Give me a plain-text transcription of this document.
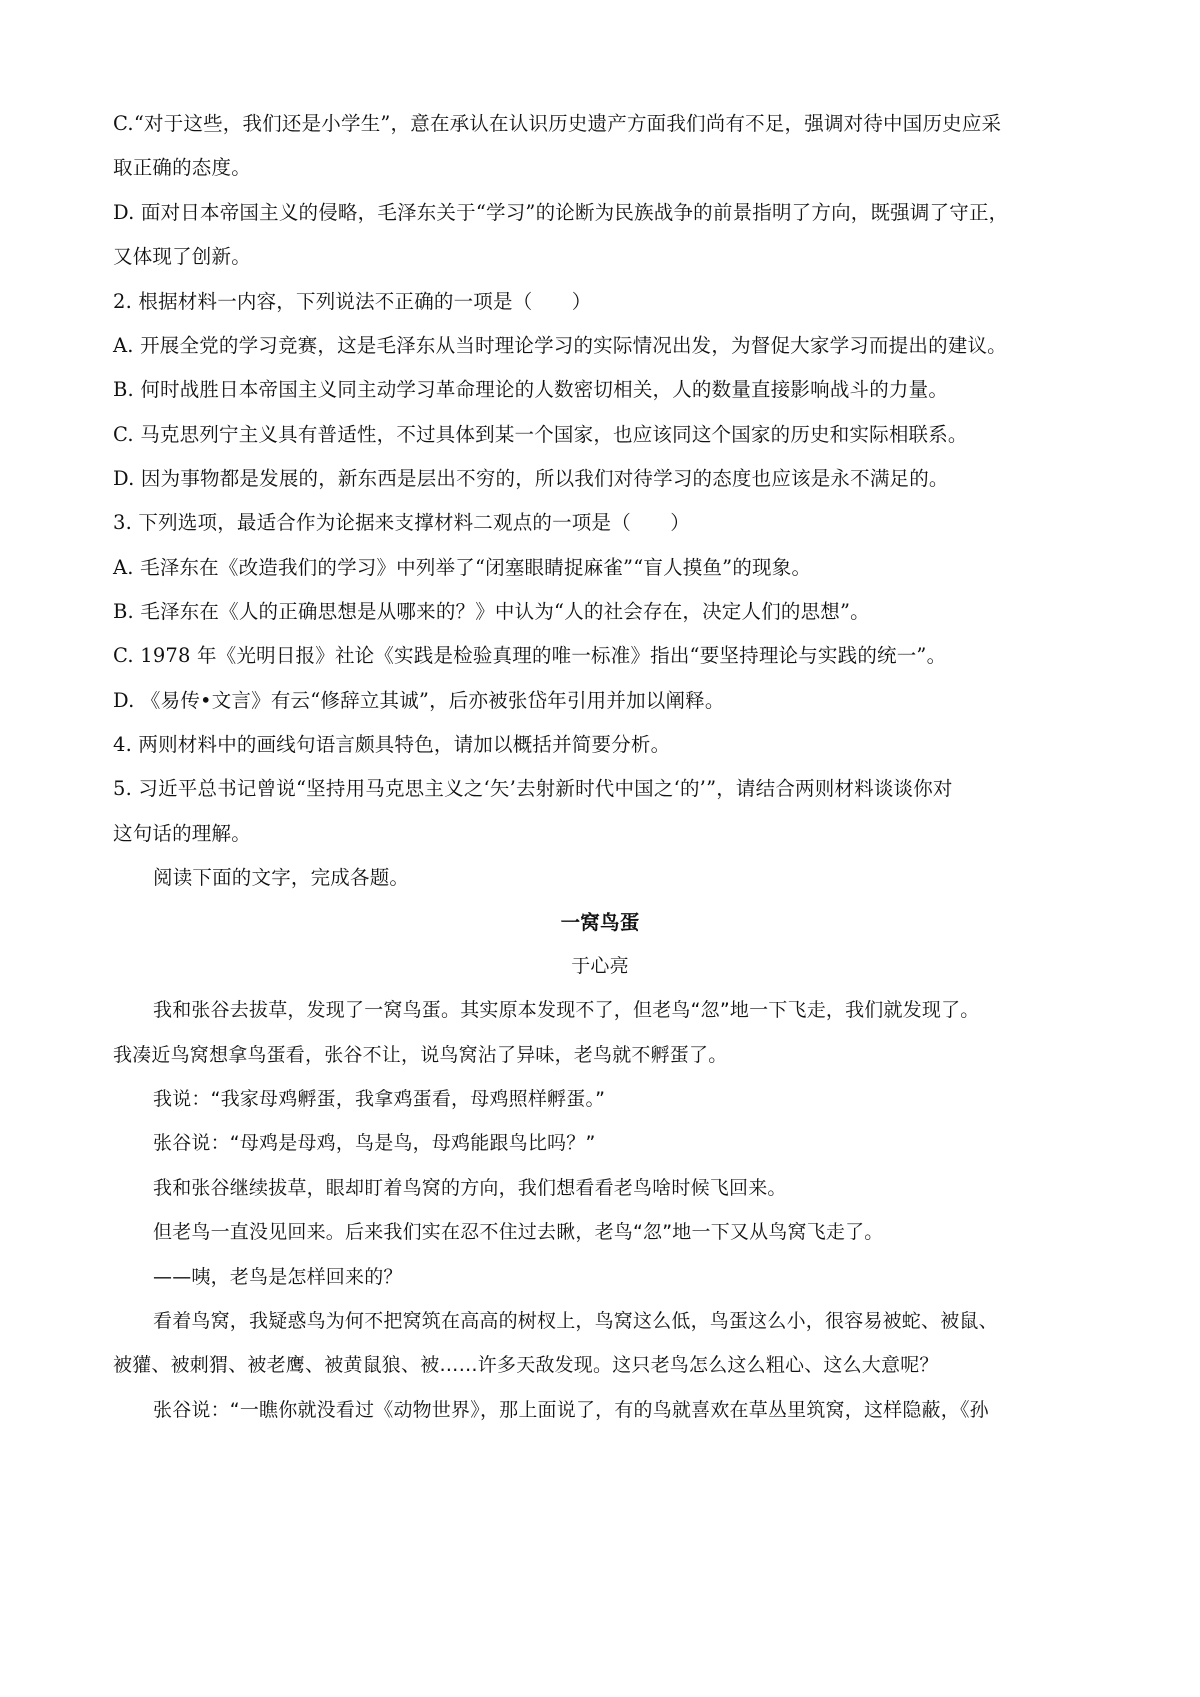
C.“对于这些，我们还是小学生”，意在承认在认识历史遗产方面我们尚有不足，强调对待中国历史应采
取正确的态度。
D. 面对日本帝国主义的侵略，毛泽东关于“学习”的论断为民族战争的前景指明了方向，既强调了守正，
又体现了创新。
2. 根据材料一内容，下列说法不正确的一项是（　　）
A. 开展全党的学习竞赛，这是毛泽东从当时理论学习的实际情况出发，为督促大家学习而提出的建议。
B. 何时战胜日本帝国主义同主动学习革命理论的人数密切相关，人的数量直接影响战斗的力量。
C. 马克思列宁主义具有普适性，不过具体到某一个国家，也应该同这个国家的历史和实际相联系。
D. 因为事物都是发展的，新东西是层出不穷的，所以我们对待学习的态度也应该是永不满足的。
3. 下列选项，最适合作为论据来支撑材料二观点的一项是（　　）
A. 毛泽东在《改造我们的学习》中列举了“闭塞眼睛捉麻雀”“盲人摸鱼”的现象。
B. 毛泽东在《人的正确思想是从哪来的？》中认为“人的社会存在，决定人们的思想”。
C. 1978 年《光明日报》社论《实践是检验真理的唯一标准》指出“要坚持理论与实践的统一”。
D. 《易传•文言》有云“修辞立其诚”，后亦被张岱年引用并加以阐释。
4. 两则材料中的画线句语言颇具特色，请加以概括并简要分析。
5. 习近平总书记曾说“坚持用马克思主义之‘矢’去射新时代中国之‘的’”，请结合两则材料谈谈你对
这句话的理解。
阅读下面的文字，完成各题。
一窝鸟蛋
于心亮
我和张谷去拔草，发现了一窝鸟蛋。其实原本发现不了，但老鸟“忽”地一下飞走，我们就发现了。
我凑近鸟窝想拿鸟蛋看，张谷不让，说鸟窝沾了异味，老鸟就不孵蛋了。
我说：“我家母鸡孵蛋，我拿鸡蛋看，母鸡照样孵蛋。”
张谷说：“母鸡是母鸡，鸟是鸟，母鸡能跟鸟比吗？”
我和张谷继续拔草，眼却盯着鸟窝的方向，我们想看看老鸟啥时候飞回来。
但老鸟一直没见回来。后来我们实在忍不住过去瞅，老鸟“忽”地一下又从鸟窝飞走了。
——咦，老鸟是怎样回来的？
看着鸟窝，我疑惑鸟为何不把窝筑在高高的树杈上，鸟窝这么低，鸟蛋这么小，很容易被蛇、被鼠、
被獾、被刺猬、被老鹰、被黄鼠狼、被……许多天敌发现。这只老鸟怎么这么粗心、这么大意呢？
张谷说：“一瞧你就没看过《动物世界》，那上面说了，有的鸟就喜欢在草丛里筑窝，这样隐蔽，《孙
